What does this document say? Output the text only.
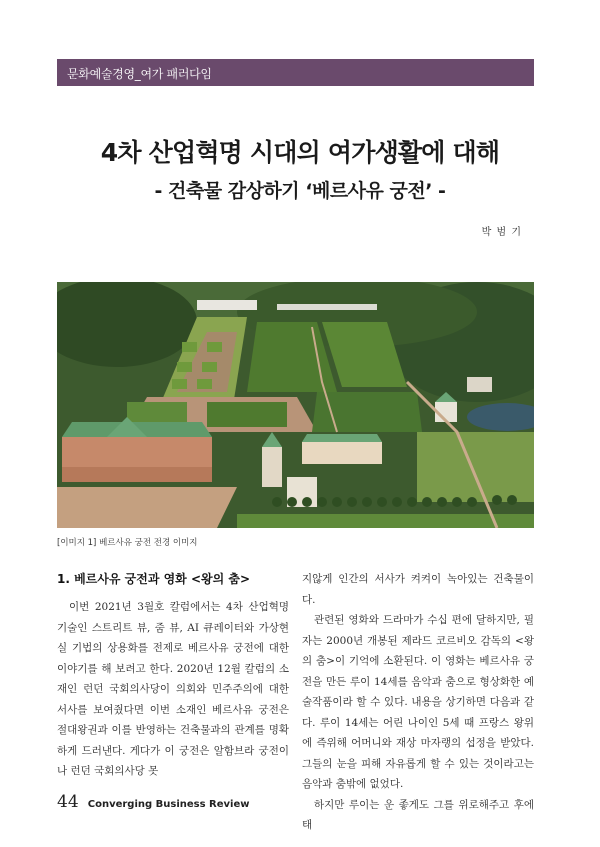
문화예술경영_여가 패러다임
4차 산업혁명 시대의 여가생활에 대해
- 건축물 감상하기 ‘베르사유 궁전’ -
박 범 기
[이미지 1] 베르사유 궁전 전경 이미지
1. 베르사유 궁전과 영화 <왕의 춤>

이번 2021년 3월호 칼럼에서는 4차 산업혁명 기술인 스트리트 뷰, 줌 뷰, AI 큐레이터와 가상현실 기법의 상용화를 전제로 베르사유 궁전에 대한 이야기를 해 보려고 한다. 2020년 12월 칼럼의 소재인 런던 국회의사당이 의회와 민주주의에 대한 서사를 보여줬다면 이번 소재인 베르사유 궁전은 절대왕권과 이를 반영하는 건축물과의 관계를 명확하게 드러낸다. 게다가 이 궁전은 알함브라 궁전이나 런던 국회의사당 못

지않게 인간의 서사가 켜켜이 녹아있는 건축물이다.

관련된 영화와 드라마가 수십 편에 달하지만, 필자는 2000년 개봉된 제라드 코르비오 감독의 <왕의 춤>이 기억에 소환된다. 이 영화는 베르사유 궁전을 만든 루이 14세를 음악과 춤으로 형상화한 예술작품이라 할 수 있다. 내용을 상기하면 다음과 같다. 루이 14세는 어린 나이인 5세 때 프랑스 왕위에 즉위해 어머니와 재상 마자랭의 섭정을 받았다. 그들의 눈을 피해 자유롭게 할 수 있는 것이라고는 음악과 춤밖에 없었다.

하지만 루이는 운 좋게도 그를 위로해주고 후에 태

44 Converging Business Review
